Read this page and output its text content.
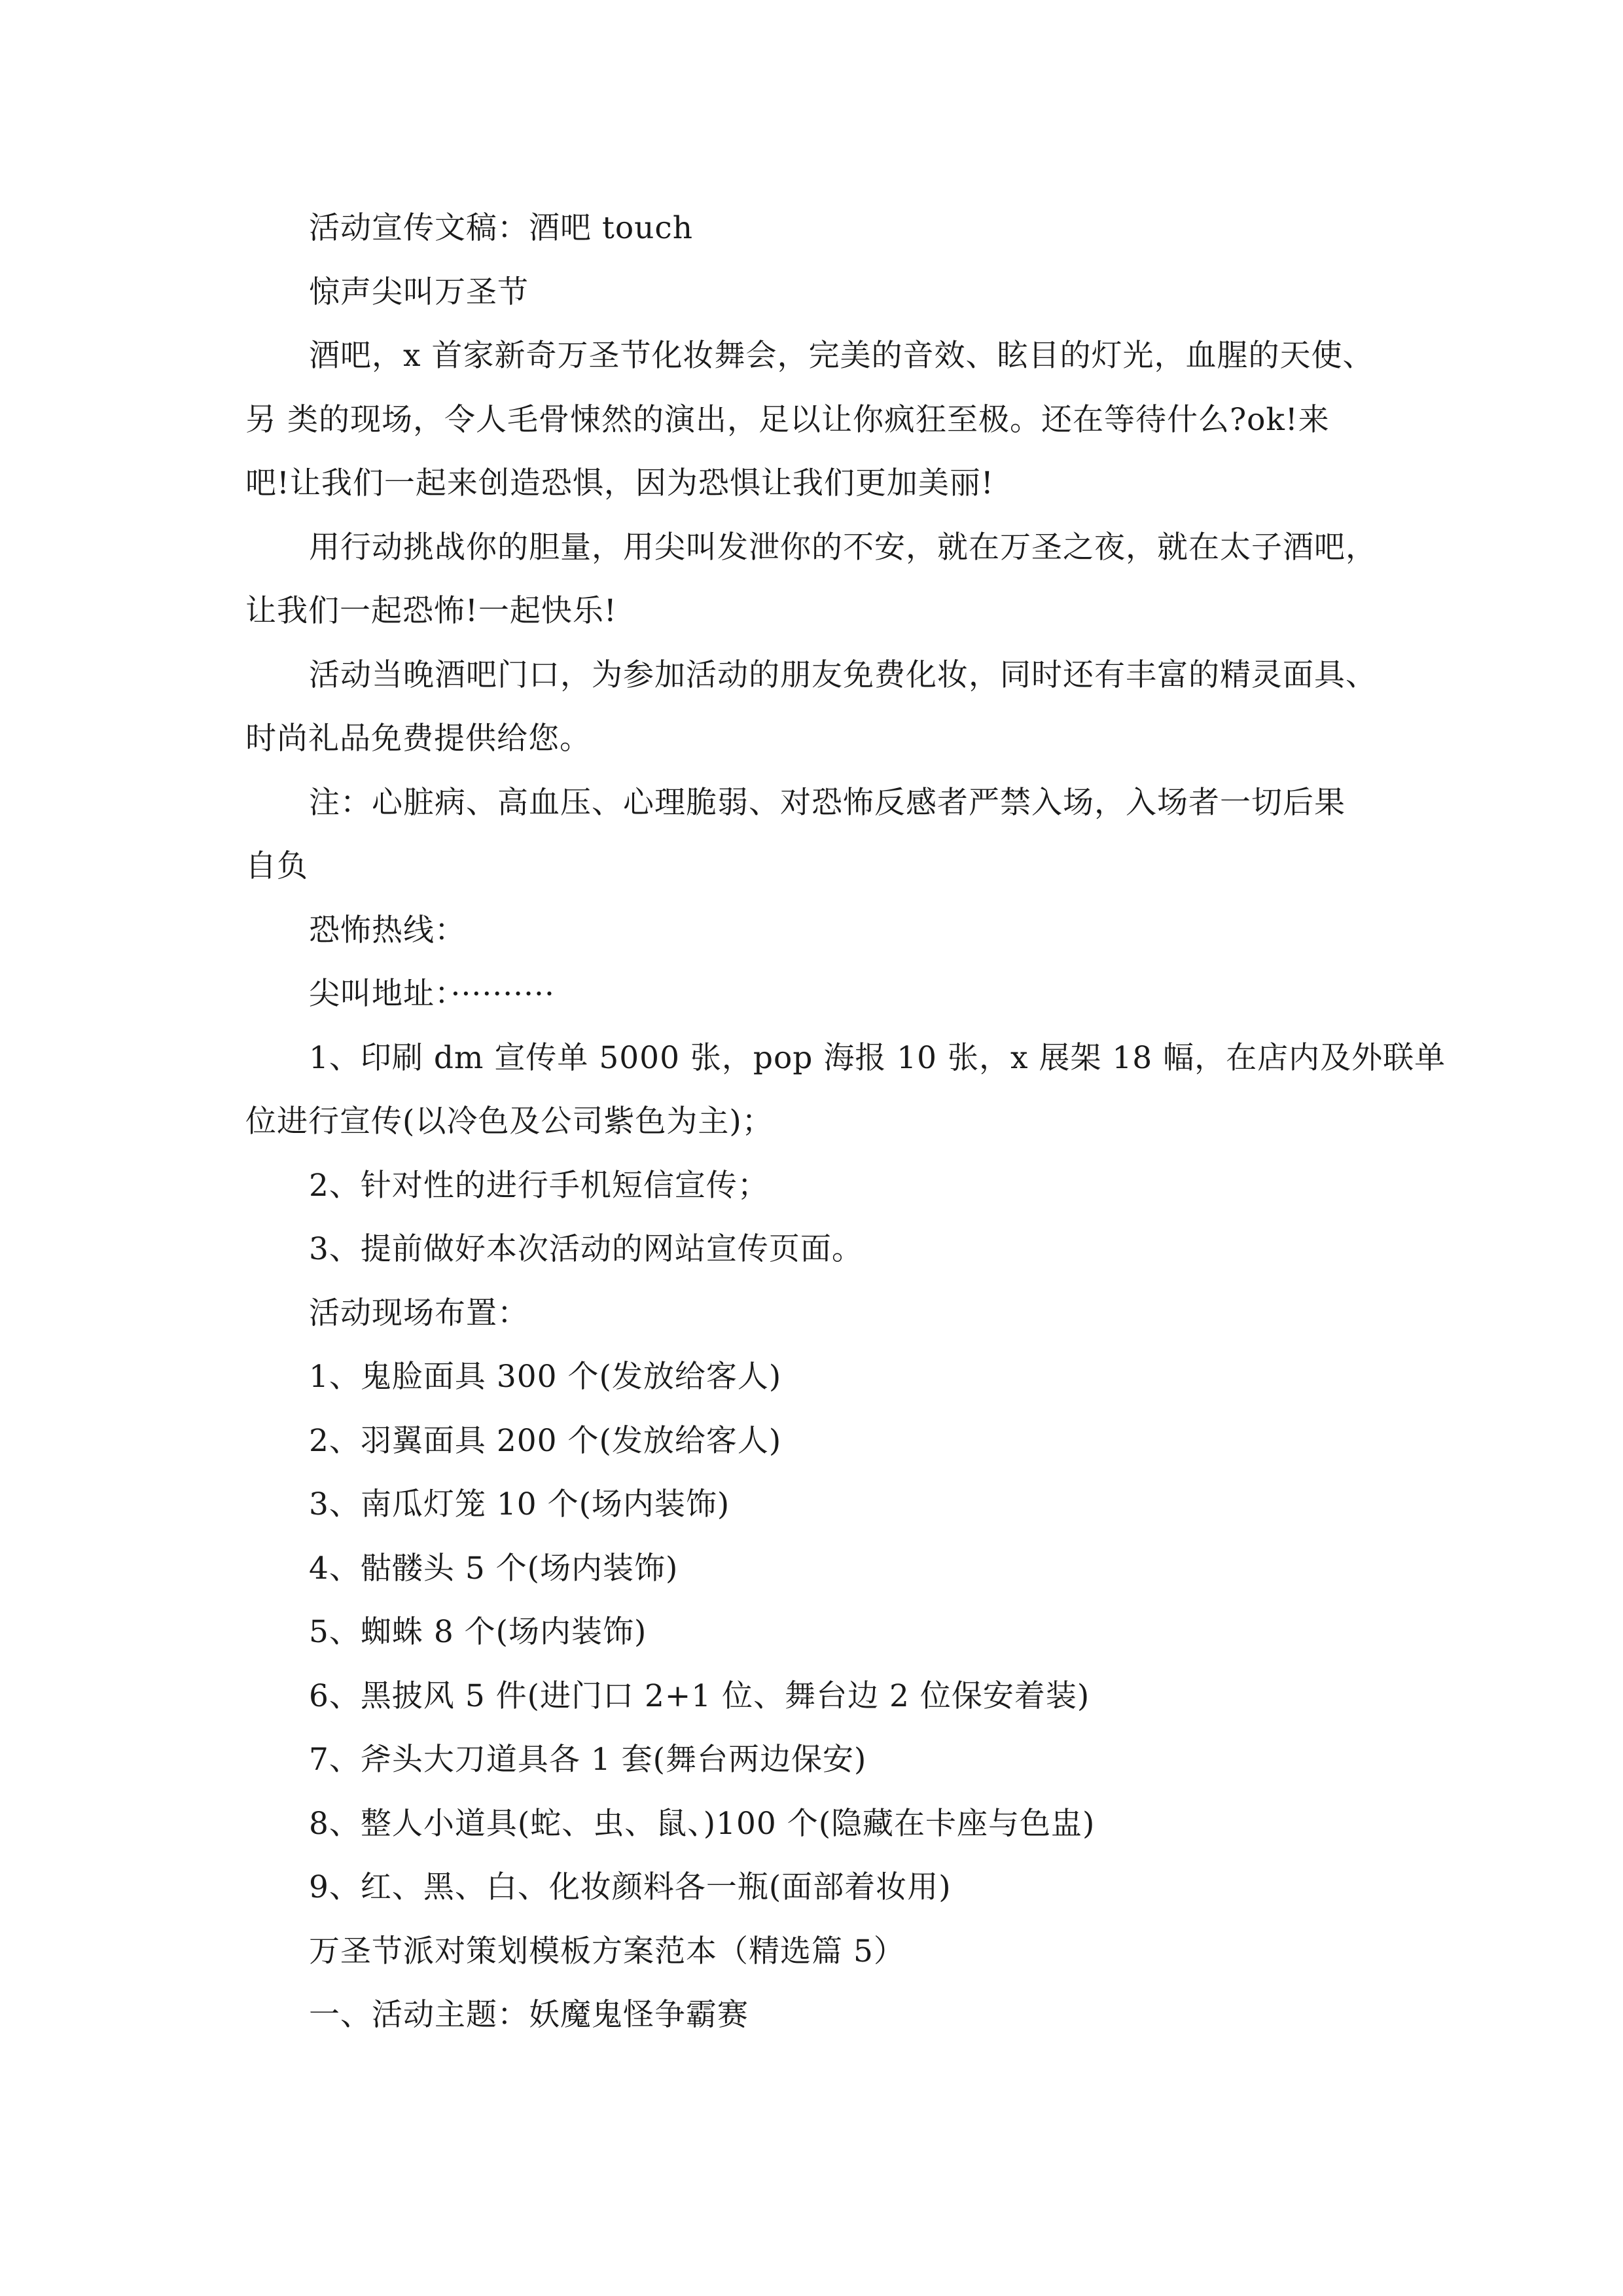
活动宣传文稿：酒吧 touch

惊声尖叫万圣节

酒吧，x 首家新奇万圣节化妆舞会，完美的音效、眩目的灯光，血腥的天使、

另 类的现场，令人毛骨悚然的演出，足以让你疯狂至极。还在等待什么?ok!来

吧!让我们一起来创造恐惧，因为恐惧让我们更加美丽!

用行动挑战你的胆量，用尖叫发泄你的不安，就在万圣之夜，就在太子酒吧，

让我们一起恐怖!一起快乐!

活动当晚酒吧门口，为参加活动的朋友免费化妆，同时还有丰富的精灵面具、

时尚礼品免费提供给您。

注：心脏病、高血压、心理脆弱、对恐怖反感者严禁入场，入场者一切后果

自负

恐怖热线：

尖叫地址：··········

1、印刷 dm 宣传单 5000 张，pop 海报 10 张，x 展架 18 幅，在店内及外联单

位进行宣传(以冷色及公司紫色为主)；

2、针对性的进行手机短信宣传；

3、提前做好本次活动的网站宣传页面。

活动现场布置：

1、鬼脸面具 300 个(发放给客人)

2、羽翼面具 200 个(发放给客人)

3、南瓜灯笼 10 个(场内装饰)

4、骷髅头 5 个(场内装饰)

5、蜘蛛 8 个(场内装饰)

6、黑披风 5 件(进门口 2+1 位、舞台边 2 位保安着装)

7、斧头大刀道具各 1 套(舞台两边保安)

8、整人小道具(蛇、虫、鼠、)100 个(隐藏在卡座与色盅)

9、红、黑、白、化妆颜料各一瓶(面部着妆用)

万圣节派对策划模板方案范本（精选篇 5）

一、活动主题：妖魔鬼怪争霸赛
